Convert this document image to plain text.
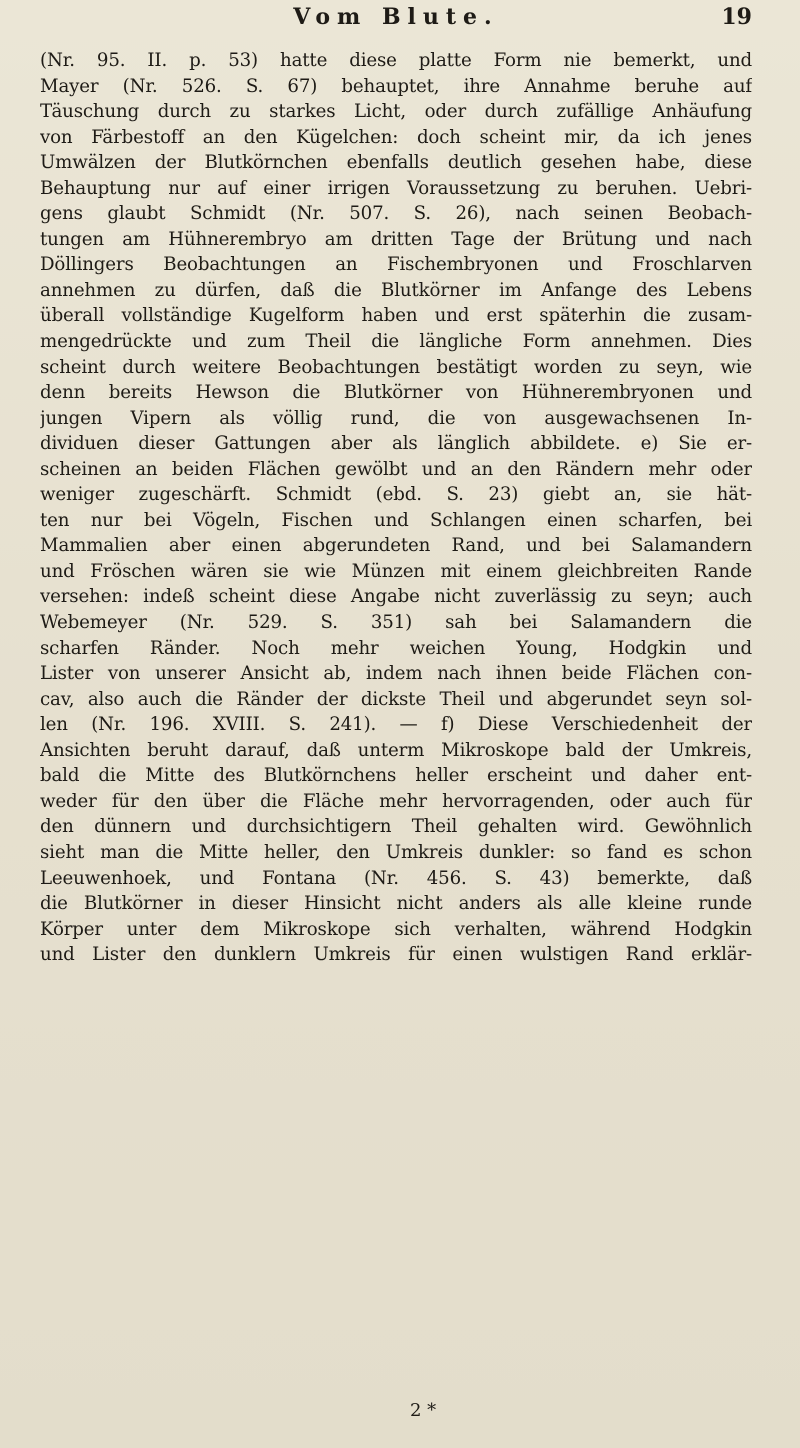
Vom Blute.	19
(Nr. 95. II. p. 53) hatte diese platte Form nie bemerkt, und
Mayer (Nr. 526. S. 67) behauptet, ihre Annahme beruhe auf
Täuschung durch zu starkes Licht, oder durch zufällige Anhäufung
von Färbestoff an den Kügelchen: doch scheint mir, da ich jenes
Umwälzen der Blutkörnchen ebenfalls deutlich gesehen habe, diese
Behauptung nur auf einer irrigen Voraussetzung zu beruhen. Uebri-
gens glaubt Schmidt (Nr. 507. S. 26), nach seinen Beobach-
tungen am Hühnerembryo am dritten Tage der Brütung und nach
Döllingers Beobachtungen an Fischembryonen und Froschlarven
annehmen zu dürfen, daß die Blutkörner im Anfange des Lebens
überall vollständige Kugelform haben und erst späterhin die zusam-
mengedrückte und zum Theil die längliche Form annehmen. Dies
scheint durch weitere Beobachtungen bestätigt worden zu seyn, wie
denn bereits Hewson die Blutkörner von Hühnerembryonen und
jungen Vipern als völlig rund, die von ausgewachsenen In-
dividuen dieser Gattungen aber als länglich abbildete. e) Sie er-
scheinen an beiden Flächen gewölbt und an den Rändern mehr oder
weniger zugeschärft. Schmidt (ebd. S. 23) giebt an, sie hät-
ten nur bei Vögeln, Fischen und Schlangen einen scharfen, bei
Mammalien aber einen abgerundeten Rand, und bei Salamandern
und Fröschen wären sie wie Münzen mit einem gleichbreiten Rande
versehen: indeß scheint diese Angabe nicht zuverlässig zu seyn; auch
Webemeyer (Nr. 529. S. 351) sah bei Salamandern die
scharfen Ränder. Noch mehr weichen Young, Hodgkin und
Lister von unserer Ansicht ab, indem nach ihnen beide Flächen con-
cav, also auch die Ränder der dickste Theil und abgerundet seyn sol-
len (Nr. 196. XVIII. S. 241). — f) Diese Verschiedenheit der
Ansichten beruht darauf, daß unterm Mikroskope bald der Umkreis,
bald die Mitte des Blutkörnchens heller erscheint und daher ent-
weder für den über die Fläche mehr hervorragenden, oder auch für
den dünnern und durchsichtigern Theil gehalten wird. Gewöhnlich
sieht man die Mitte heller, den Umkreis dunkler: so fand es schon
Leeuwenhoek, und Fontana (Nr. 456. S. 43) bemerkte, daß
die Blutkörner in dieser Hinsicht nicht anders als alle kleine runde
Körper unter dem Mikroskope sich verhalten, während Hodgkin
und Lister den dunklern Umkreis für einen wulstigen Rand erklär-
2 *
